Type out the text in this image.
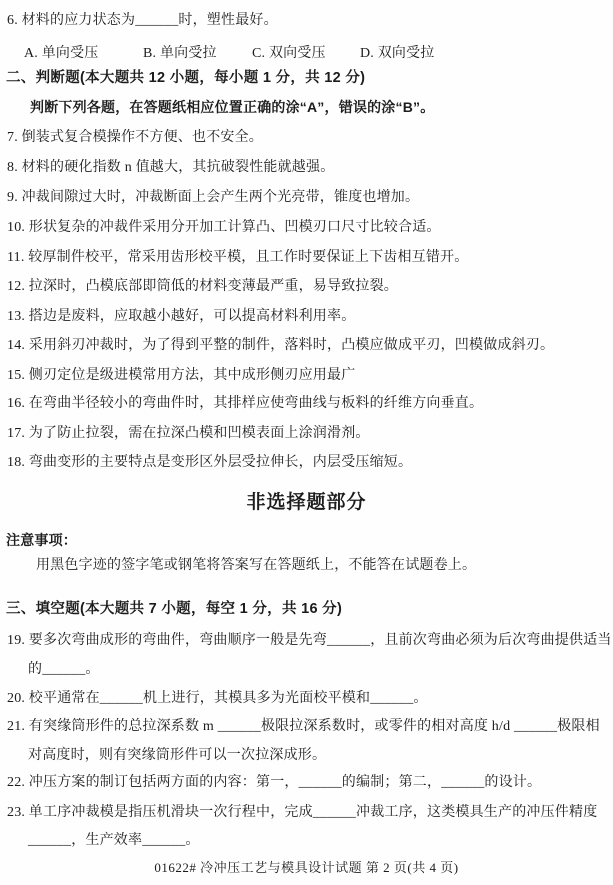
6. 材料的应力状态为______时，塑性最好。
A. 单向受压	B. 单向受拉	C. 双向受压 D. 双向受拉
二、判断题(本大题共 12 小题，每小题 1 分，共 12 分)
判断下列各题，在答题纸相应位置正确的涂“A”，错误的涂“B”。
7. 倒装式复合模操作不方便、也不安全。
8. 材料的硬化指数 n 值越大，其抗破裂性能就越强。
9. 冲裁间隙过大时，冲裁断面上会产生两个光亮带，锥度也增加。
10. 形状复杂的冲裁件采用分开加工计算凸、凹模刃口尺寸比较合适。
11. 较厚制件校平，常采用齿形校平模，且工作时要保证上下齿相互错开。
12. 拉深时，凸模底部即筒低的材料变薄最严重，易导致拉裂。
13. 搭边是废料，应取越小越好，可以提高材料利用率。
14. 采用斜刃冲裁时，为了得到平整的制件，落料时，凸模应做成平刃，凹模做成斜刃。
15. 侧刃定位是级进模常用方法，其中成形侧刃应用最广
16. 在弯曲半径较小的弯曲件时，其排样应使弯曲线与板料的纤维方向垂直。
17. 为了防止拉裂，需在拉深凸模和凹模表面上涂润滑剂。
18. 弯曲变形的主要特点是变形区外层受拉伸长，内层受压缩短。
非选择题部分
注意事项：
用黑色字迹的签字笔或钢笔将答案写在答题纸上，不能答在试题卷上。
三、填空题(本大题共 7 小题，每空 1 分，共 16 分)
19. 要多次弯曲成形的弯曲件，弯曲顺序一般是先弯______，且前次弯曲必须为后次弯曲提供适当
的______。
20. 校平通常在______机上进行，其模具多为光面校平模和______。
21. 有突缘筒形件的总拉深系数 m ______极限拉深系数时，或零件的相对高度 h/d ______极限相
对高度时，则有突缘筒形件可以一次拉深成形。
22. 冲压方案的制订包括两方面的内容：第一，______的编制；第二，______的设计。
23. 单工序冲裁模是指压机滑块一次行程中，完成______冲裁工序，这类模具生产的冲压件精度
______，生产效率______。
01622# 冷冲压工艺与模具设计试题 第 2 页(共 4 页)
